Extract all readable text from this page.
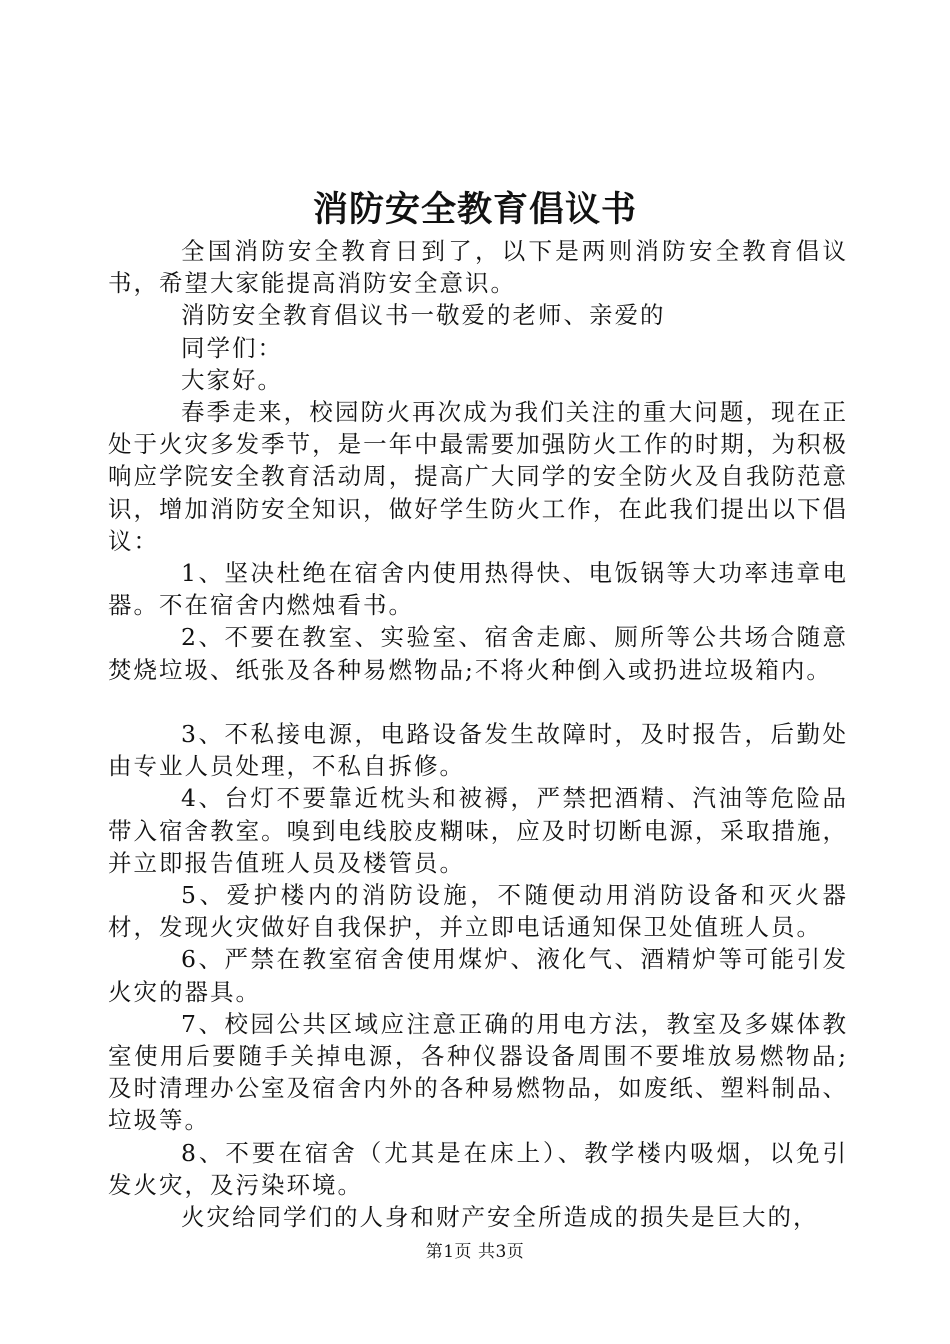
消防安全教育倡议书

全国消防安全教育日到了，以下是两则消防安全教育倡议书，希望大家能提高消防安全意识。

消防安全教育倡议书一敬爱的老师、亲爱的

同学们：

大家好。

春季走来，校园防火再次成为我们关注的重大问题，现在正处于火灾多发季节，是一年中最需要加强防火工作的时期，为积极响应学院安全教育活动周，提高广大同学的安全防火及自我防范意识，增加消防安全知识，做好学生防火工作，在此我们提出以下倡议：

1、坚决杜绝在宿舍内使用热得快、电饭锅等大功率违章电器。不在宿舍内燃烛看书。

2、不要在教室、实验室、宿舍走廊、厕所等公共场合随意焚烧垃圾、纸张及各种易燃物品;不将火种倒入或扔进垃圾箱内。

3、不私接电源，电路设备发生故障时，及时报告，后勤处由专业人员处理，不私自拆修。

4、台灯不要靠近枕头和被褥，严禁把酒精、汽油等危险品带入宿舍教室。嗅到电线胶皮糊味，应及时切断电源，采取措施，并立即报告值班人员及楼管员。

5、爱护楼内的消防设施，不随便动用消防设备和灭火器材，发现火灾做好自我保护，并立即电话通知保卫处值班人员。

6、严禁在教室宿舍使用煤炉、液化气、酒精炉等可能引发火灾的器具。

7、校园公共区域应注意正确的用电方法，教室及多媒体教室使用后要随手关掉电源，各种仪器设备周围不要堆放易燃物品;及时清理办公室及宿舍内外的各种易燃物品，如废纸、塑料制品、垃圾等。

8、不要在宿舍（尤其是在床上）、教学楼内吸烟，以免引发火灾，及污染环境。

火灾给同学们的人身和财产安全所造成的损失是巨大的，

第1页 共3页
